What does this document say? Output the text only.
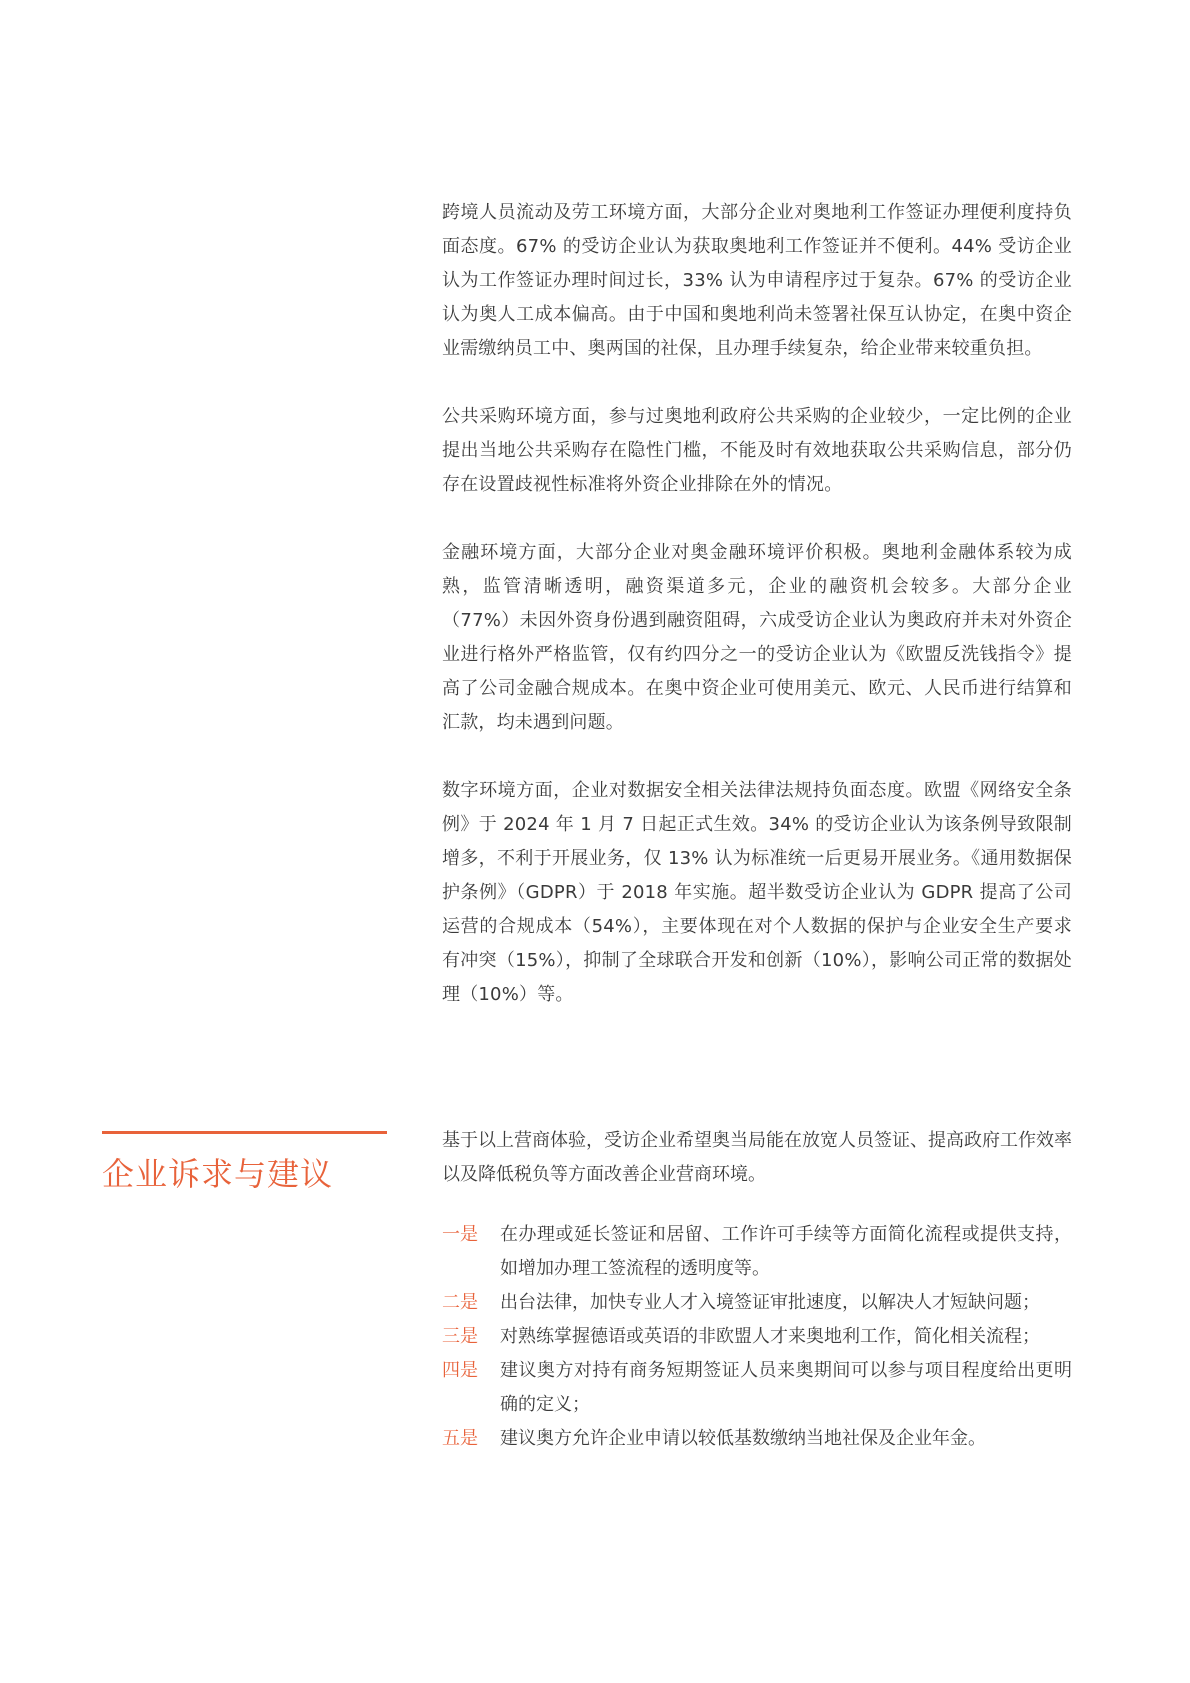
跨境人员流动及劳工环境方面，大部分企业对奥地利工作签证办理便利度持负面态度。67% 的受访企业认为获取奥地利工作签证并不便利。44% 受访企业认为工作签证办理时间过长，33% 认为申请程序过于复杂。67% 的受访企业认为奥人工成本偏高。由于中国和奥地利尚未签署社保互认协定，在奥中资企业需缴纳员工中、奥两国的社保，且办理手续复杂，给企业带来较重负担。

公共采购环境方面，参与过奥地利政府公共采购的企业较少，一定比例的企业提出当地公共采购存在隐性门槛，不能及时有效地获取公共采购信息，部分仍存在设置歧视性标准将外资企业排除在外的情况。

金融环境方面，大部分企业对奥金融环境评价积极。奥地利金融体系较为成熟，监管清晰透明，融资渠道多元，企业的融资机会较多。大部分企业（77%）未因外资身份遇到融资阻碍，六成受访企业认为奥政府并未对外资企业进行格外严格监管，仅有约四分之一的受访企业认为《欧盟反洗钱指令》提高了公司金融合规成本。在奥中资企业可使用美元、欧元、人民币进行结算和汇款，均未遇到问题。

数字环境方面，企业对数据安全相关法律法规持负面态度。欧盟《网络安全条例》于 2024 年 1 月 7 日起正式生效。34% 的受访企业认为该条例导致限制增多，不利于开展业务，仅 13% 认为标准统一后更易开展业务。《通用数据保护条例》（GDPR）于 2018 年实施。超半数受访企业认为 GDPR 提高了公司运营的合规成本（54%），主要体现在对个人数据的保护与企业安全生产要求有冲突（15%），抑制了全球联合开发和创新（10%），影响公司正常的数据处理（10%）等。

企业诉求与建议

基于以上营商体验，受访企业希望奥当局能在放宽人员签证、提高政府工作效率以及降低税负等方面改善企业营商环境。

一是	在办理或延长签证和居留、工作许可手续等方面简化流程或提供支持，如增加办理工签流程的透明度等。
二是	出台法律，加快专业人才入境签证审批速度，以解决人才短缺问题；
三是	对熟练掌握德语或英语的非欧盟人才来奥地利工作，简化相关流程；
四是	建议奥方对持有商务短期签证人员来奥期间可以参与项目程度给出更明确的定义；
五是	建议奥方允许企业申请以较低基数缴纳当地社保及企业年金。
